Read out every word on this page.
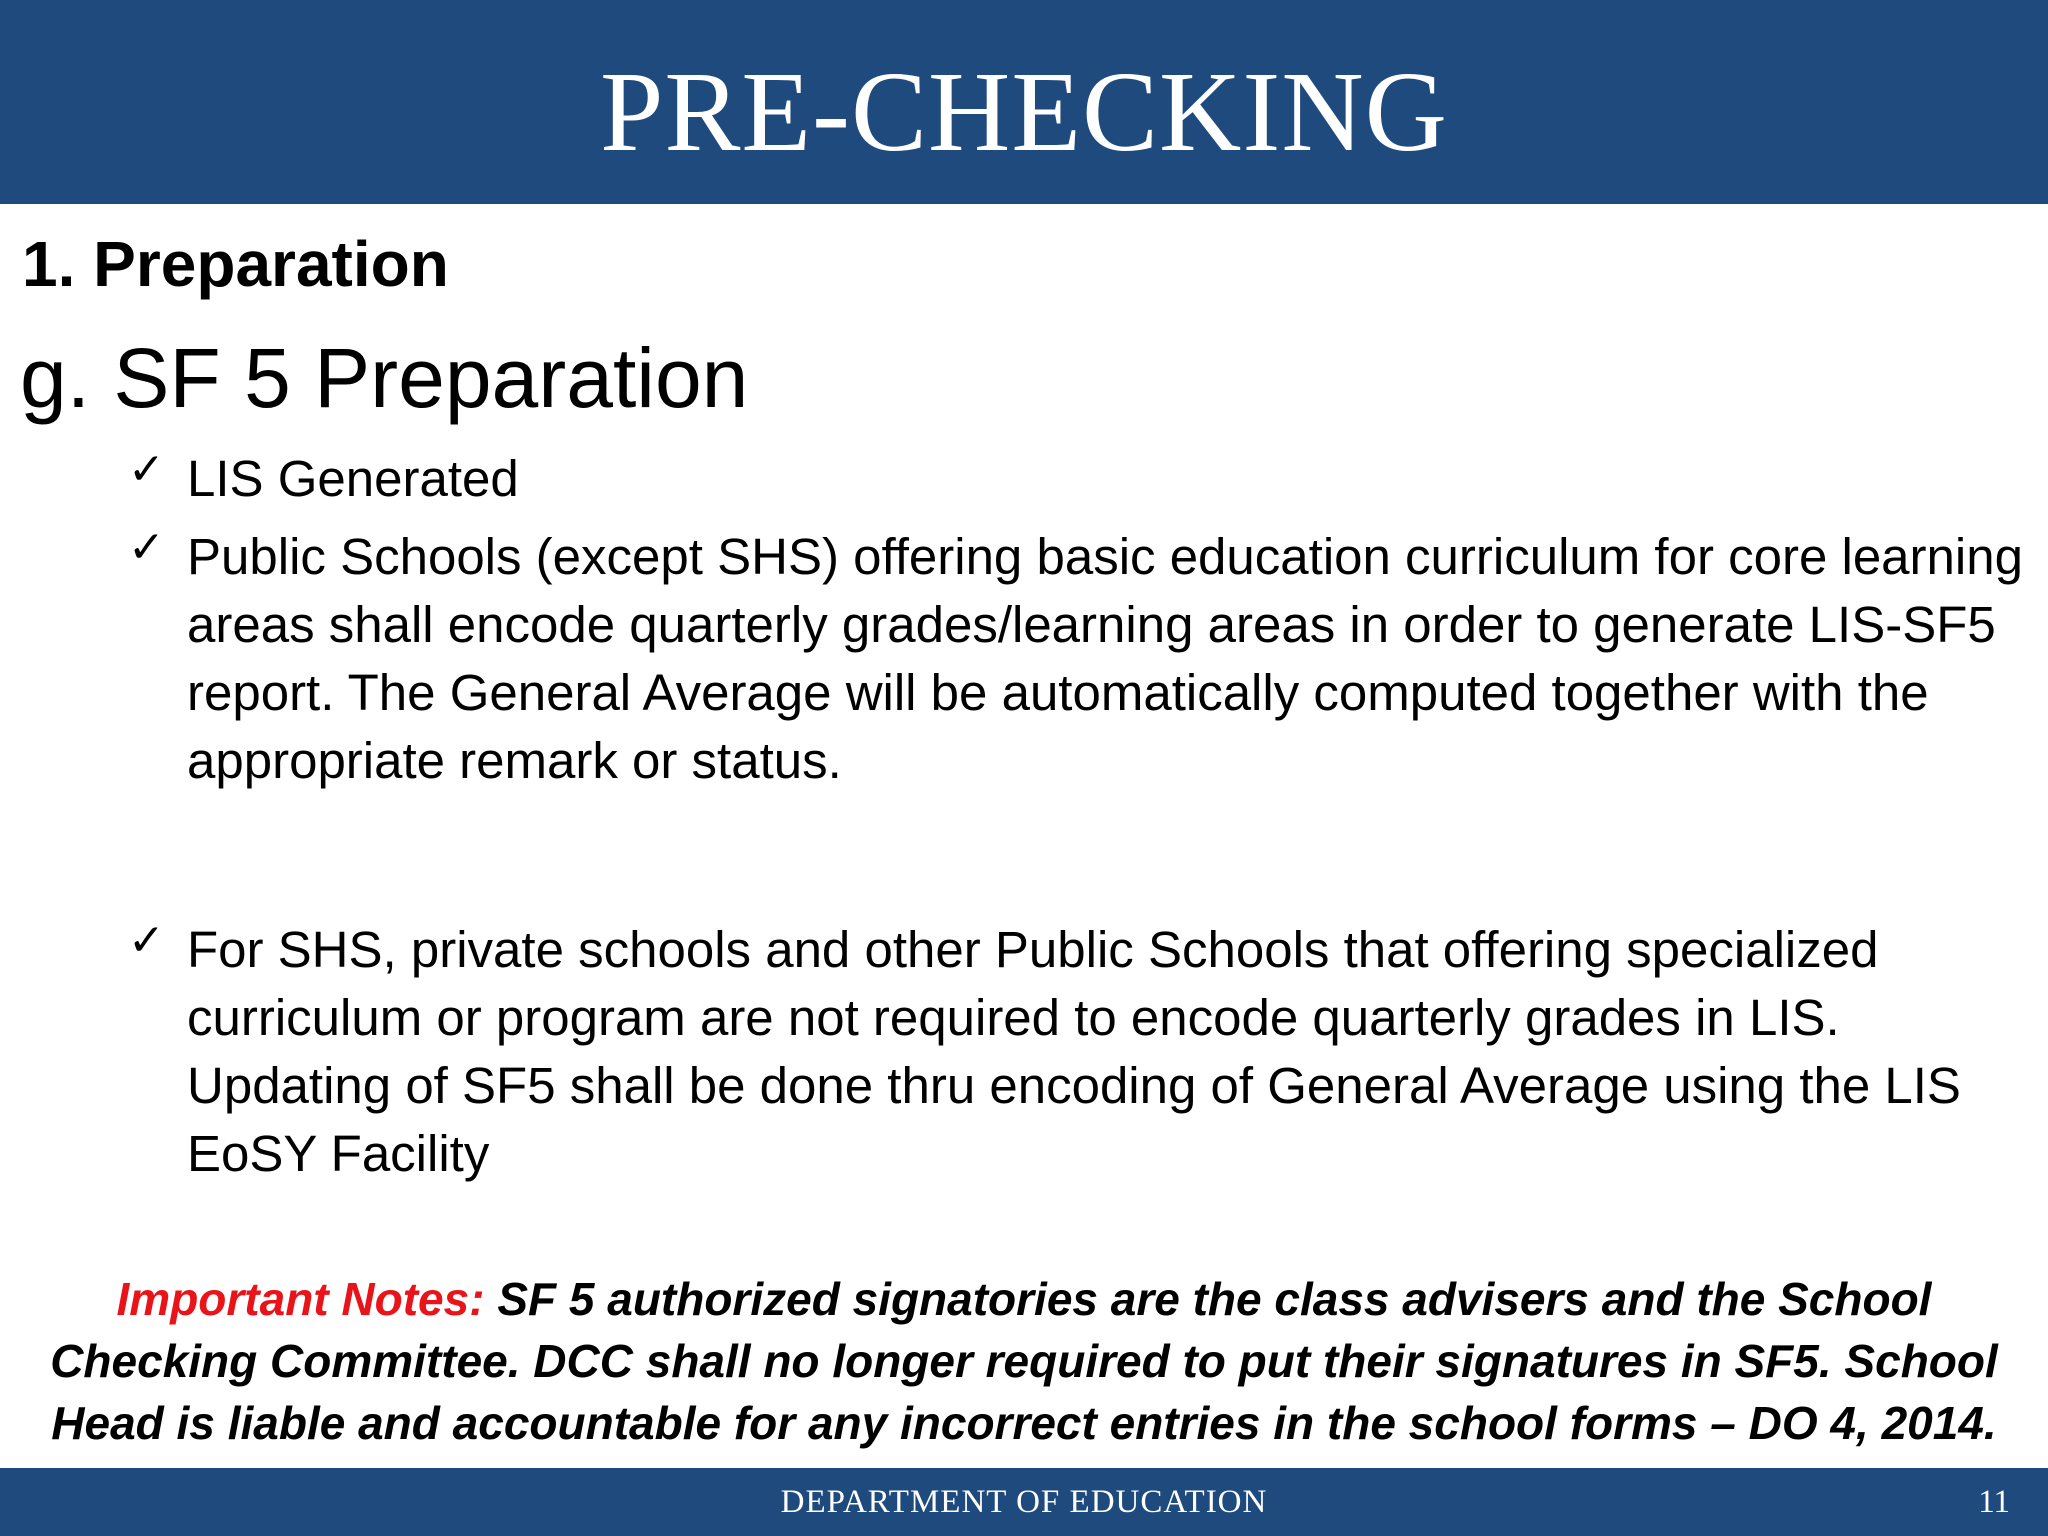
PRE-CHECKING
1. Preparation
g. SF 5 Preparation
✓ LIS Generated
✓ Public Schools (except SHS) offering basic education curriculum for core learning areas shall encode quarterly grades/learning areas in order to generate LIS-SF5 report. The General Average will be automatically computed together with the appropriate remark or status.
✓ For SHS, private schools and other Public Schools that offering specialized curriculum or program are not required to encode quarterly grades in LIS. Updating of SF5 shall be done thru encoding of General Average using the LIS EoSY Facility

Important Notes: SF 5 authorized signatories are the class advisers and the School Checking Committee. DCC shall no longer required to put their signatures in SF5. School Head is liable and accountable for any incorrect entries in the school forms – DO 4, 2014.

DEPARTMENT OF EDUCATION	11
